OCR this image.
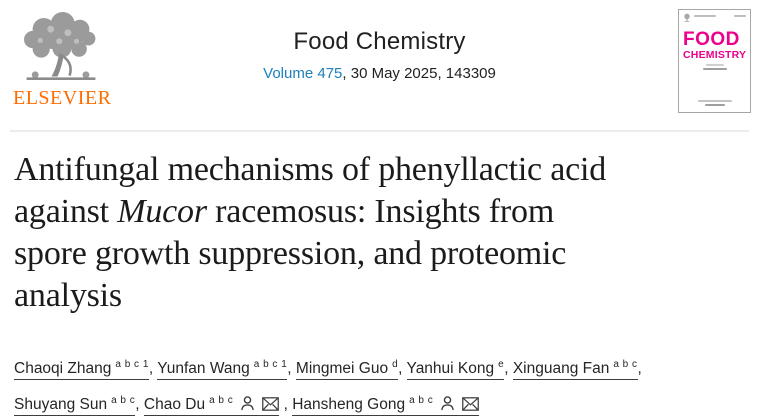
ELSEVIER
Food Chemistry
Volume 475, 30 May 2025, 143309
FOOD
CHEMISTRY
Antifungal mechanisms of phenyllactic acid
against Mucor racemosus: Insights from
spore growth suppression, and proteomic
analysis
Chaoqi Zhang $^{a b c 1}$, Yunfan Wang $^{a b c 1}$, Mingmei Guo $^d$, Yanhui Kong $^e$, Xinguang Fan $^{a b c}$,
Shuyang Sun $^{a b c}$, Chao Du $^{a b c}$	, Hansheng Gong $^{a b c}$
